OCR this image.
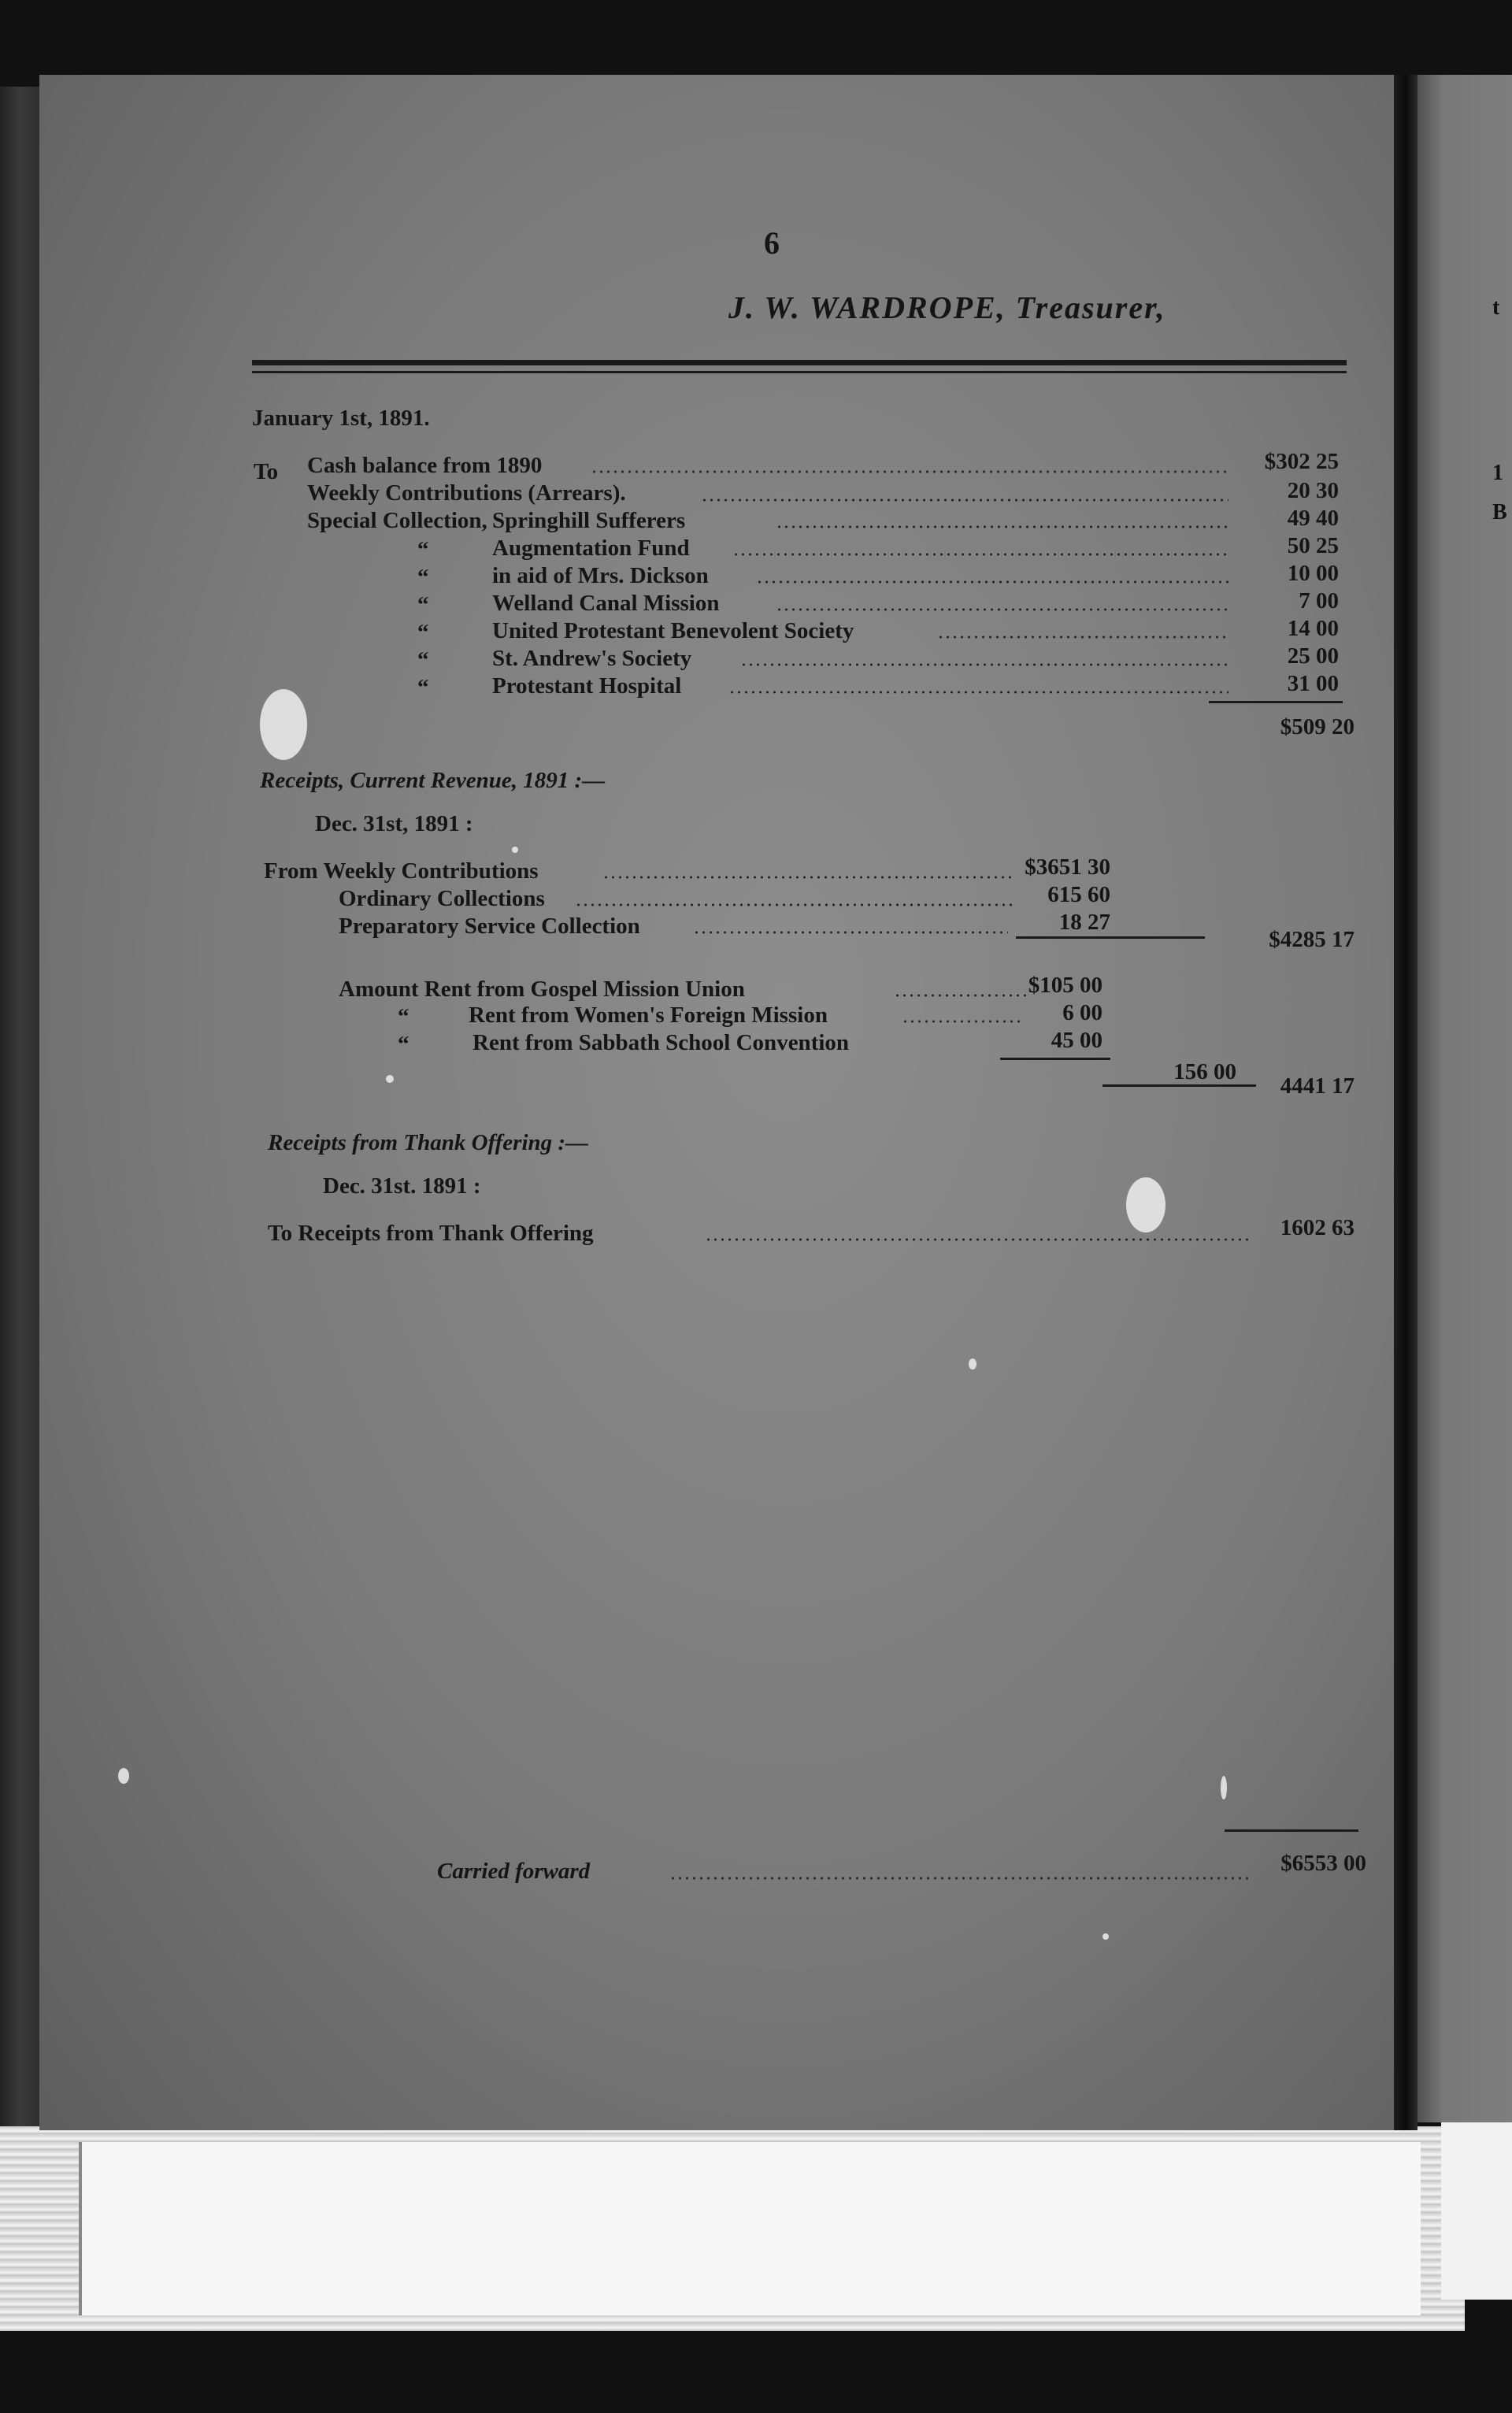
t
1
B
6
J. W. WARDROPE, Treasurer,
January 1st, 1891.
To Cash balance from 1890	$302 25
Weekly Contributions (Arrears).	20 30
Special Collection, Springhill Sufferers	49 40
“	Augmentation Fund	50 25
“	in aid of Mrs. Dickson	10 00
“	Welland Canal Mission	7 00
“	United Protestant Benevolent Society	14 00
“	St. Andrew's Society	25 00
“	Protestant Hospital	31 00
$509 20
Receipts, Current Revenue, 1891 :—
Dec. 31st, 1891 :
From Weekly Contributions	$3651 30
Ordinary Collections	615 60
Preparatory Service Collection	18 27
$4285 17
Amount Rent from Gospel Mission Union	$105 00
“	Rent from Women's Foreign Mission	6 00
“	Rent from Sabbath School Convention	45 00
156 00
4441 17
Receipts from Thank Offering :—
Dec. 31st. 1891 :
To Receipts from Thank Offering	1602 63
Carried forward	$6553 00
